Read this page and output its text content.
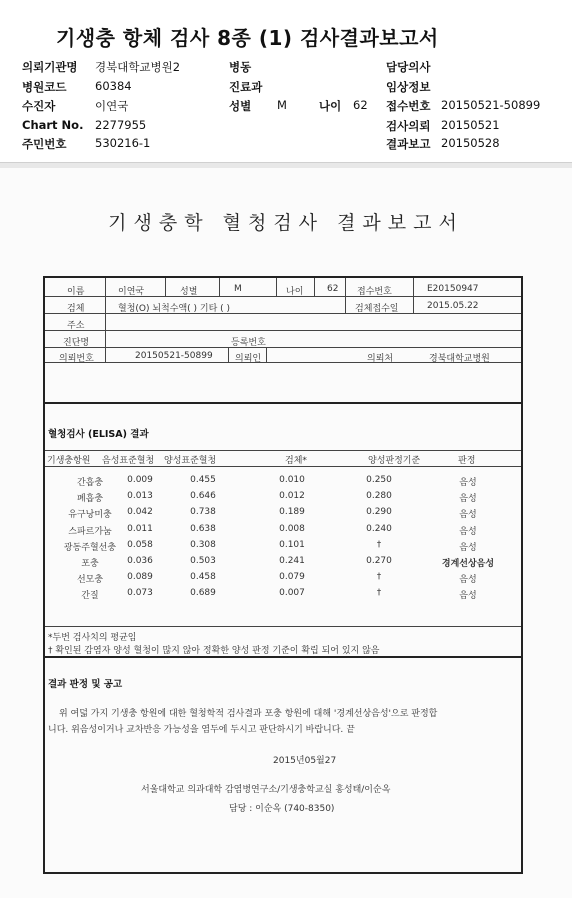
기생충 항체 검사 8종 (1) 검사결과보고서
의뢰기관명 경북대학교병원2
병원코드 60384
수진자	이연국
Chart No. 2277955
주민번호 530216-1
병동
진료과
성별 M	나이 62
담당의사
임상정보
접수번호 20150521-50899
검사의뢰 20150521
결과보고 20150528
기생충학 혈청검사 결과보고서
이름	이연국	성별	M	나이	62 접수번호	E20150947
검체	혈청(O) 뇌척수액( ) 기타 ( )	검체접수일	2015.05.22
주소
진단명	등록번호
의뢰번호	20150521-50899 의뢰인	의뢰처	경북대학교병원
혈청검사 (ELISA) 결과
기생충항원 음성표준혈청 양성표준혈청	검체*	양성판정기준	판정
간흡충	0.009	0.455	0.010	0.250	음성
폐흡충	0.013	0.646	0.012	0.280	음성
유구낭미충	0.042	0.738	0.189	0.290	음성
스파르가눔	0.011	0.638	0.008	0.240	음성
광동주혈선충	0.058	0.308	0.101	†	음성
포충	0.036	0.503	0.241	0.270	경계선상음성
선모충	0.089	0.458	0.079	†	음성
간질	0.073	0.689	0.007	†	음성
*두번 검사치의 평균임
† 확인된 감염자 양성 혈청이 많지 않아 정확한 양성 판정 기준이 확립 되어 있지 않음
결과 판정 및 공고
위 여덟 가지 기생충 항원에 대한 혈청학적 검사결과 포충 항원에 대해 '경계선상음성'으로 판정합
니다. 위음성이거나 교차반응 가능성을 염두에 두시고 판단하시기 바랍니다. 끝
2015년05월27
서울대학교 의과대학 감염병연구소/기생충학교실 홍성태/이순옥
담당 : 이순옥 (740-8350)
